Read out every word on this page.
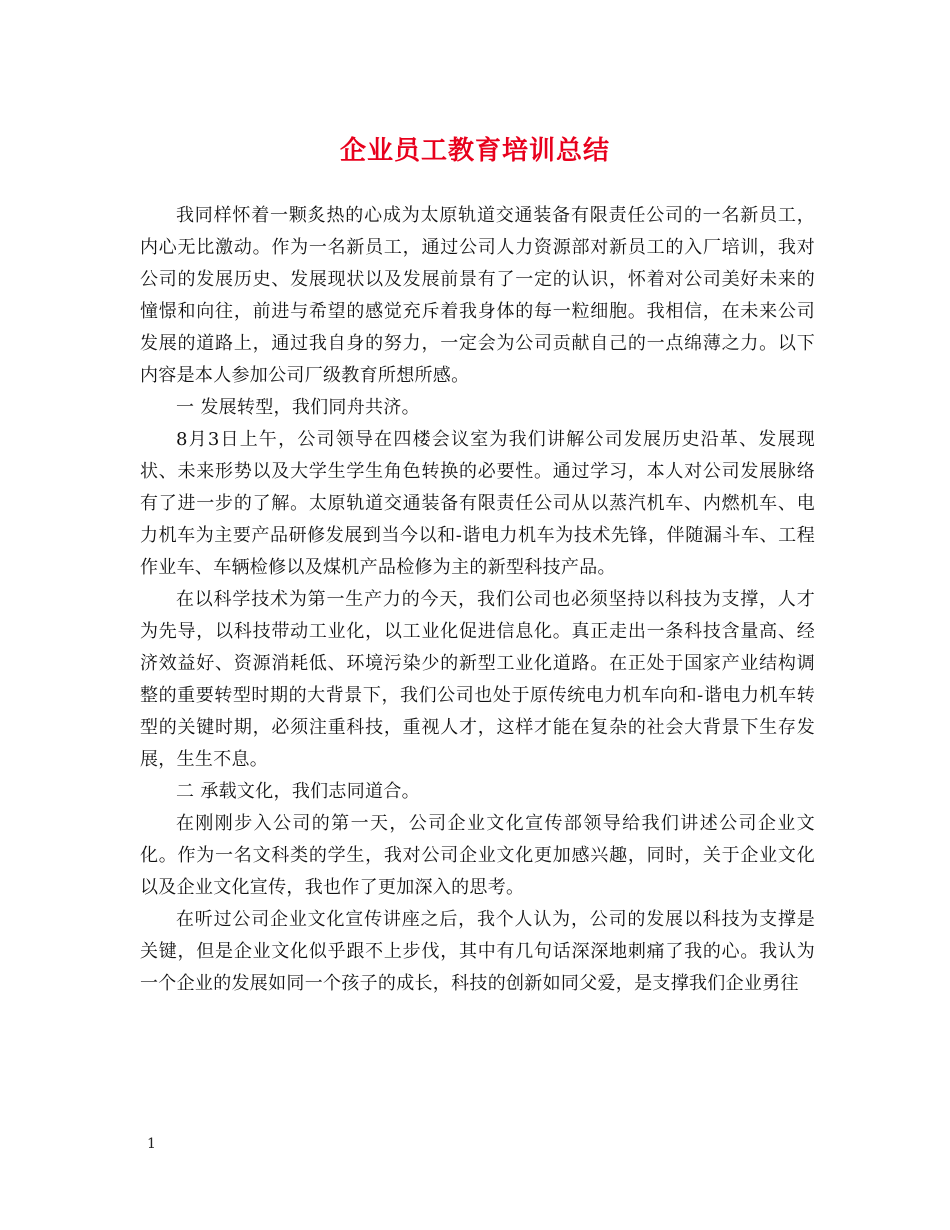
企业员工教育培训总结

我同样怀着一颗炙热的心成为太原轨道交通装备有限责任公司的一名新员工，内心无比激动。作为一名新员工，通过公司人力资源部对新员工的入厂培训，我对公司的发展历史、发展现状以及发展前景有了一定的认识，怀着对公司美好未来的憧憬和向往，前进与希望的感觉充斥着我身体的每一粒细胞。我相信，在未来公司发展的道路上，通过我自身的努力，一定会为公司贡献自己的一点绵薄之力。以下内容是本人参加公司厂级教育所想所感。

一 发展转型，我们同舟共济。

8月3日上午，公司领导在四楼会议室为我们讲解公司发展历史沿革、发展现状、未来形势以及大学生学生角色转换的必要性。通过学习，本人对公司发展脉络有了进一步的了解。太原轨道交通装备有限责任公司从以蒸汽机车、内燃机车、电力机车为主要产品研修发展到当今以和-谐电力机车为技术先锋，伴随漏斗车、工程作业车、车辆检修以及煤机产品检修为主的新型科技产品。

在以科学技术为第一生产力的今天，我们公司也必须坚持以科技为支撑，人才为先导，以科技带动工业化，以工业化促进信息化。真正走出一条科技含量高、经济效益好、资源消耗低、环境污染少的新型工业化道路。在正处于国家产业结构调整的重要转型时期的大背景下，我们公司也处于原传统电力机车向和-谐电力机车转型的关键时期，必须注重科技，重视人才，这样才能在复杂的社会大背景下生存发展，生生不息。

二 承载文化，我们志同道合。

在刚刚步入公司的第一天，公司企业文化宣传部领导给我们讲述公司企业文化。作为一名文科类的学生，我对公司企业文化更加感兴趣，同时，关于企业文化以及企业文化宣传，我也作了更加深入的思考。

在听过公司企业文化宣传讲座之后，我个人认为，公司的发展以科技为支撑是关键，但是企业文化似乎跟不上步伐，其中有几句话深深地刺痛了我的心。我认为一个企业的发展如同一个孩子的成长，科技的创新如同父爱，是支撑我们企业勇往

1
